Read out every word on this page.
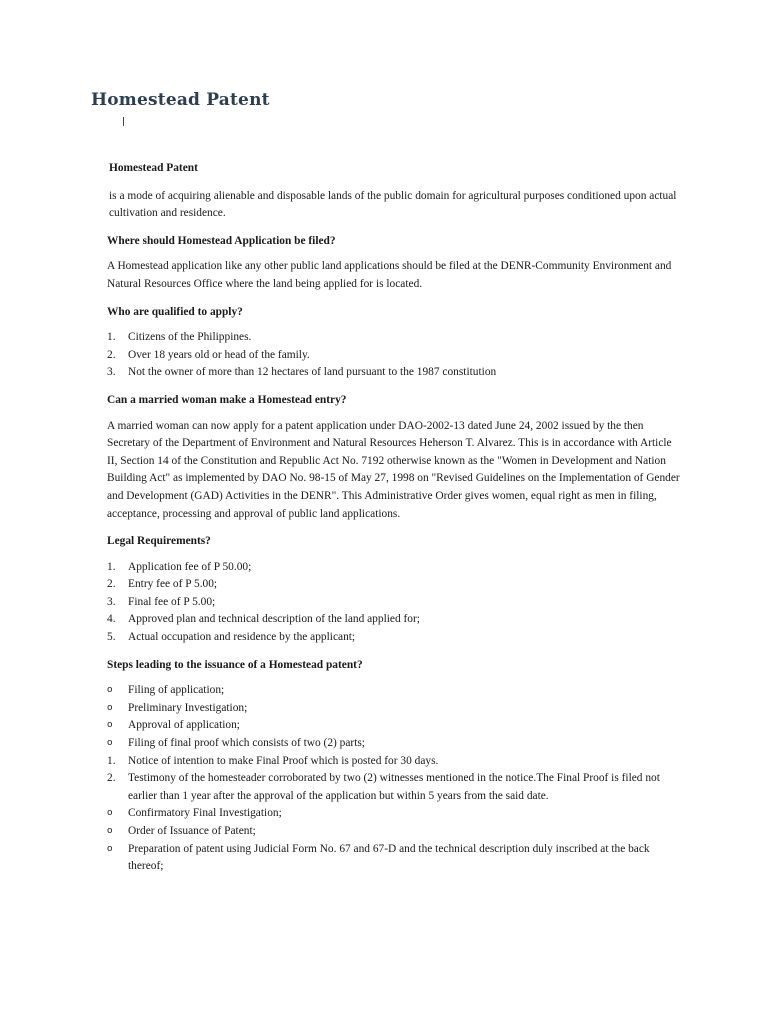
Homestead Patent

Homestead Patent

is a mode of acquiring alienable and disposable lands of the public domain for agricultural purposes conditioned upon actual cultivation and residence.

Where should Homestead Application be filed?

A Homestead application like any other public land applications should be filed at the DENR-Community Environment and Natural Resources Office where the land being applied for is located.

Who are qualified to apply?

1. Citizens of the Philippines.
2. Over 18 years old or head of the family.
3. Not the owner of more than 12 hectares of land pursuant to the 1987 constitution

Can a married woman make a Homestead entry?

A married woman can now apply for a patent application under DAO-2002-13 dated June 24, 2002 issued by the then Secretary of the Department of Environment and Natural Resources Heherson T. Alvarez. This is in accordance with Article II, Section 14 of the Constitution and Republic Act No. 7192 otherwise known as the "Women in Development and Nation Building Act" as implemented by DAO No. 98-15 of May 27, 1998 on "Revised Guidelines on the Implementation of Gender and Development (GAD) Activities in the DENR". This Administrative Order gives women, equal right as men in filing, acceptance, processing and approval of public land applications.

Legal Requirements?

1. Application fee of P 50.00;
2. Entry fee of P 5.00;
3. Final fee of P 5.00;
4. Approved plan and technical description of the land applied for;
5. Actual occupation and residence by the applicant;

Steps leading to the issuance of a Homestead patent?

o Filing of application;
o Preliminary Investigation;
o Approval of application;
o Filing of final proof which consists of two (2) parts;
1. Notice of intention to make Final Proof which is posted for 30 days.
2. Testimony of the homesteader corroborated by two (2) witnesses mentioned in the notice.The Final Proof is filed not earlier than 1 year after the approval of the application but within 5 years from the said date.
o Confirmatory Final Investigation;
o Order of Issuance of Patent;
o Preparation of patent using Judicial Form No. 67 and 67-D and the technical description duly inscribed at the back thereof;
